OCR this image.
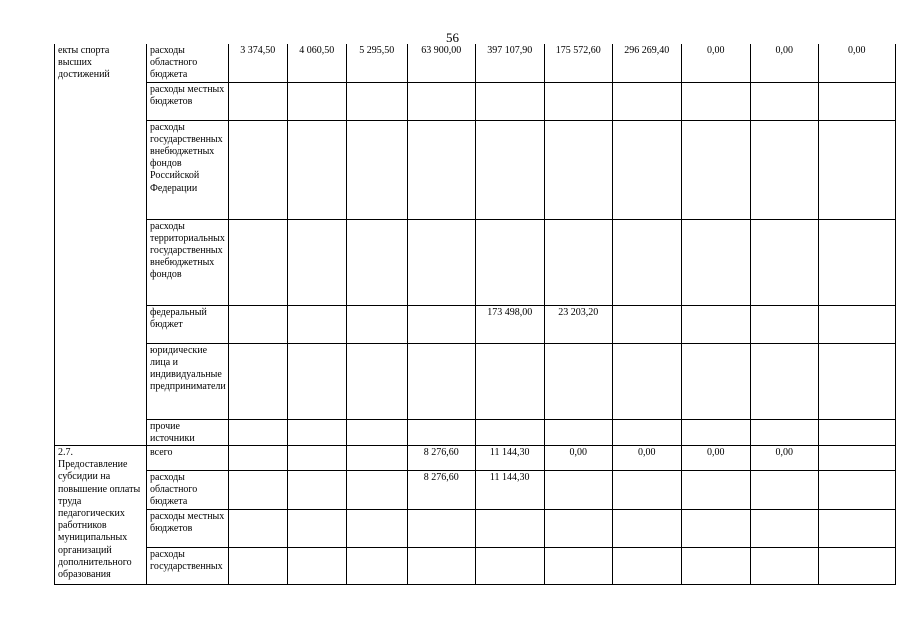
56
екты спорта высших достижений	расходы областного бюджета	3 374,50	4 060,50	5 295,50	63 900,00	397 107,90	175 572,60	296 269,40	0,00	0,00	0,00
	расходы местных бюджетов										
	расходы государственных внебюджетных фондов Российской Федерации										
	расходы территориальных государственных внебюджетных фондов										
	федеральный бюджет					173 498,00	23 203,20				
	юридические лица и индивидуальные предприниматели										
	прочие источники										
2.7. Предоставление субсидии на повышение оплаты труда педагогических работников муниципальных организаций дополнительного образования	всего				8 276,60	11 144,30	0,00	0,00	0,00	0,00	
	расходы областного бюджета				8 276,60	11 144,30					
	расходы местных бюджетов										
	расходы государственных										
